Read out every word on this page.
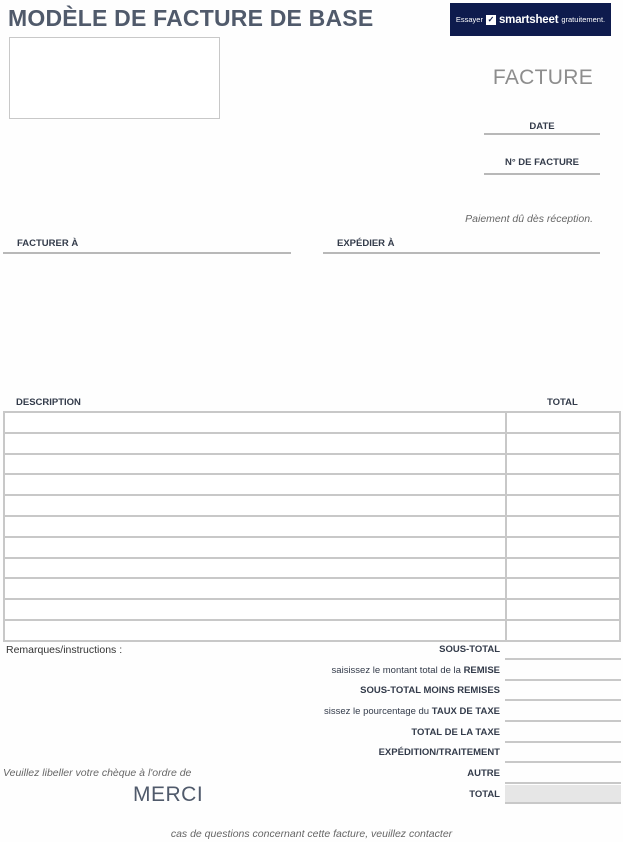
MODÈLE DE FACTURE DE BASE	Essayer ✓ smartsheet gratuitement.
FACTURE
DATE
N° DE FACTURE
Paiement dû dès réception.
FACTURER À	EXPÉDIER À
DESCRIPTION	TOTAL

Remarques/instructions :	SOUS-TOTAL
saisissez le montant total de la REMISE
SOUS-TOTAL MOINS REMISES
sissez le pourcentage du TAUX DE TAXE
TOTAL DE LA TAXE
EXPÉDITION/TRAITEMENT
AUTRE
TOTAL
Veuillez libeller votre chèque à l'ordre de
MERCI
cas de questions concernant cette facture, veuillez contacter
